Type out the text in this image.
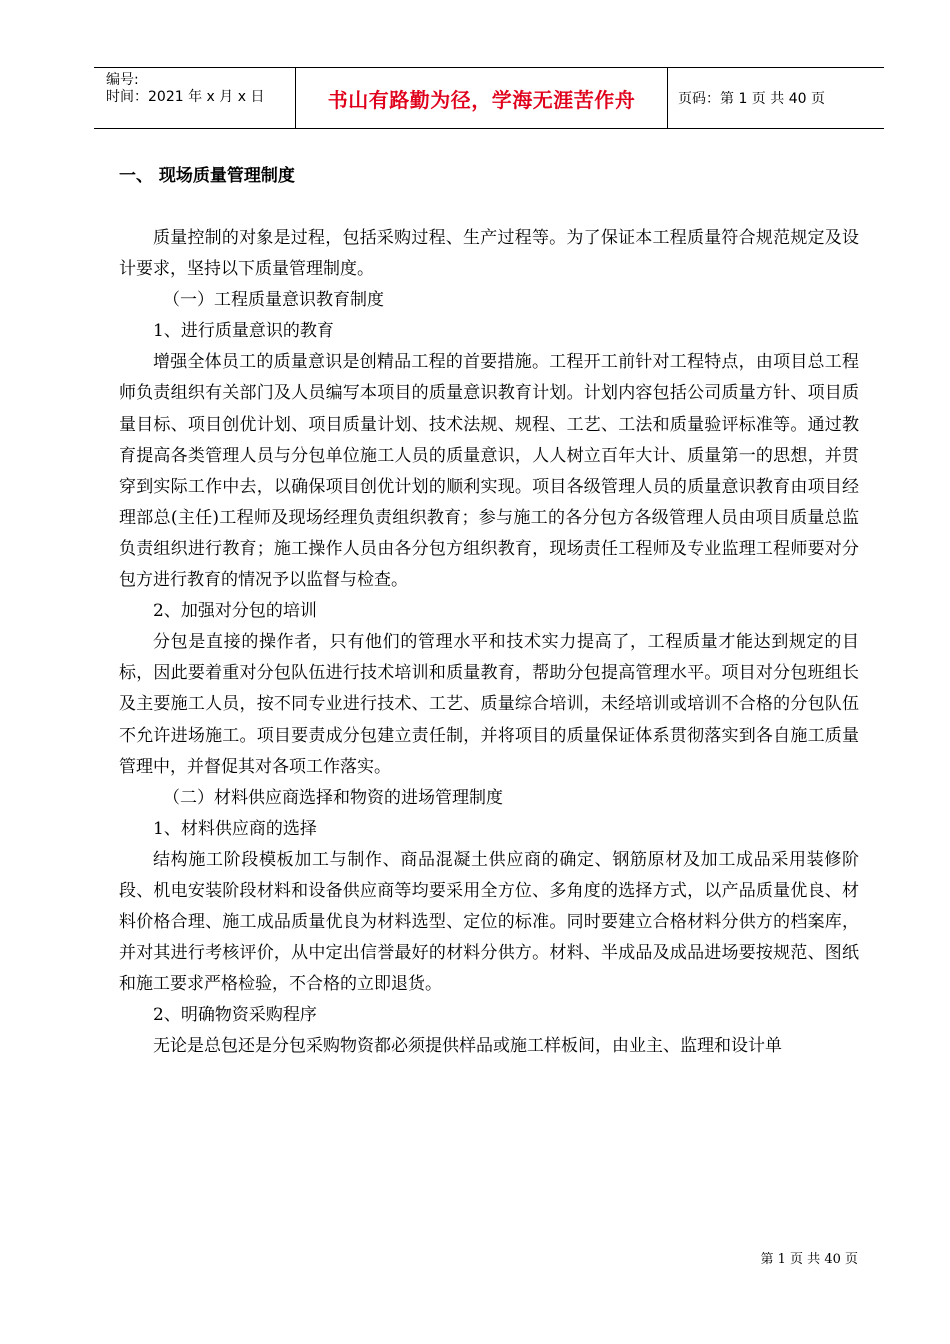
编号:
时间：2021 年 x 月 x 日	书山有路勤为径，学海无涯苦作舟	页码：第 1 页 共 40 页
一、 现场质量管理制度

质量控制的对象是过程，包括采购过程、生产过程等。为了保证本工程质量符合规范规定及设计要求，坚持以下质量管理制度。

（一）工程质量意识教育制度

1、进行质量意识的教育

增强全体员工的质量意识是创精品工程的首要措施。工程开工前针对工程特点，由项目总工程师负责组织有关部门及人员编写本项目的质量意识教育计划。计划内容包括公司质量方针、项目质量目标、项目创优计划、项目质量计划、技术法规、规程、工艺、工法和质量验评标准等。通过教育提高各类管理人员与分包单位施工人员的质量意识，人人树立百年大计、质量第一的思想，并贯穿到实际工作中去，以确保项目创优计划的顺利实现。项目各级管理人员的质量意识教育由项目经理部总(主任)工程师及现场经理负责组织教育；参与施工的各分包方各级管理人员由项目质量总监负责组织进行教育；施工操作人员由各分包方组织教育，现场责任工程师及专业监理工程师要对分包方进行教育的情况予以监督与检查。

2、加强对分包的培训

分包是直接的操作者，只有他们的管理水平和技术实力提高了，工程质量才能达到规定的目标，因此要着重对分包队伍进行技术培训和质量教育，帮助分包提高管理水平。项目对分包班组长及主要施工人员，按不同专业进行技术、工艺、质量综合培训，未经培训或培训不合格的分包队伍不允许进场施工。项目要责成分包建立责任制，并将项目的质量保证体系贯彻落实到各自施工质量管理中，并督促其对各项工作落实。

（二）材料供应商选择和物资的进场管理制度

1、材料供应商的选择

结构施工阶段模板加工与制作、商品混凝土供应商的确定、钢筋原材及加工成品采用装修阶段、机电安装阶段材料和设备供应商等均要采用全方位、多角度的选择方式，以产品质量优良、材料价格合理、施工成品质量优良为材料选型、定位的标准。同时要建立合格材料分供方的档案库，并对其进行考核评价，从中定出信誉最好的材料分供方。材料、半成品及成品进场要按规范、图纸和施工要求严格检验，不合格的立即退货。

2、明确物资采购程序

无论是总包还是分包采购物资都必须提供样品或施工样板间，由业主、监理和设计单

第 1 页 共 40 页
